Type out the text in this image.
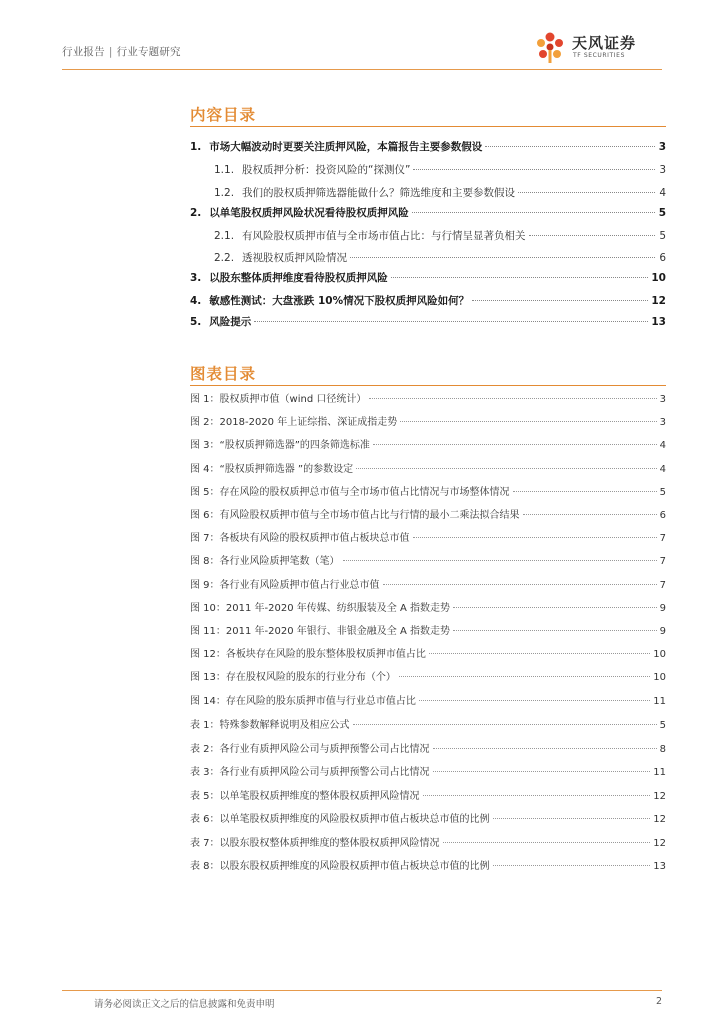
行业报告 | 行业专题研究	天风证券
TF SECURITIES
内容目录
1. 市场大幅波动时更要关注质押风险，本篇报告主要参数假设	3
1.1. 股权质押分析：投资风险的“探测仪”	3
1.2. 我们的股权质押筛选器能做什么？筛选维度和主要参数假设	4
2. 以单笔股权质押风险状况看待股权质押风险	5
2.1. 有风险股权质押市值与全市场市值占比：与行情呈显著负相关	5
2.2. 透视股权质押风险情况	6
3. 以股东整体质押维度看待股权质押风险	10
4. 敏感性测试：大盘涨跌 10%情况下股权质押风险如何？	12
5. 风险提示	13
图表目录
图 1：股权质押市值（wind 口径统计）	3
图 2：2018-2020 年上证综指、深证成指走势	3
图 3：“股权质押筛选器”的四条筛选标准	4
图 4：“股权质押筛选器 ”的参数设定	4
图 5：存在风险的股权质押总市值与全市场市值占比情况与市场整体情况	5
图 6：有风险股权质押市值与全市场市值占比与行情的最小二乘法拟合结果	6
图 7：各板块有风险的股权质押市值占板块总市值	7
图 8：各行业风险质押笔数（笔）	7
图 9：各行业有风险质押市值占行业总市值	7
图 10：2011 年-2020 年传媒、纺织服装及全 A 指数走势	9
图 11：2011 年-2020 年银行、非银金融及全 A 指数走势	9
图 12：各板块存在风险的股东整体股权质押市值占比	10
图 13：存在股权风险的股东的行业分布（个）	10
图 14：存在风险的股东质押市值与行业总市值占比	11
表 1：特殊参数解释说明及相应公式	5
表 2：各行业有质押风险公司与质押预警公司占比情况	8
表 3：各行业有质押风险公司与质押预警公司占比情况	11
表 5：以单笔股权质押维度的整体股权质押风险情况	12
表 6：以单笔股权质押维度的风险股权质押市值占板块总市值的比例	12
表 7：以股东股权整体质押维度的整体股权质押风险情况	12
表 8：以股东股权质押维度的风险股权质押市值占板块总市值的比例	13
请务必阅读正文之后的信息披露和免责申明	2
